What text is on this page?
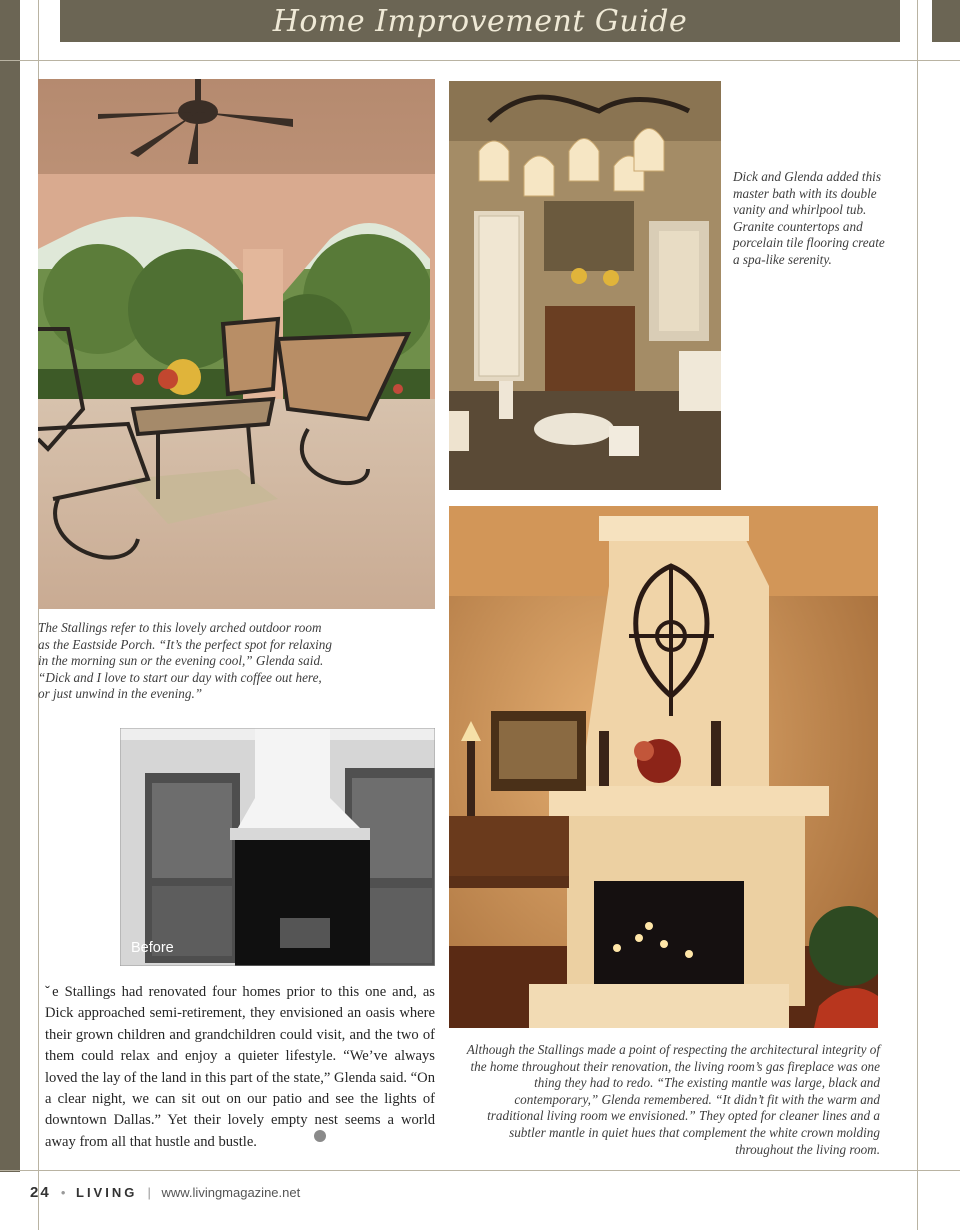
Home Improvement Guide
Dick and Glenda added this master bath with its double vanity and whirlpool tub. Granite countertops and porcelain tile flooring create a spa-like serenity.
The Stallings refer to this lovely arched outdoor room as the Eastside Porch. “It’s the perfect spot for relaxing in the morning sun or the evening cool,” Glenda said. “Dick and I love to start our day with coffee out here, or just unwind in the evening.”
Before
ˇe Stallings had renovated four homes prior to this one and, as Dick approached semi-retirement, they envisioned an oasis where their grown children and grandchildren could visit, and the two of them could relax and enjoy a quieter lifestyle. “We’ve always loved the lay of the land in this part of the state,” Glenda said. “On a clear night, we can sit out on our patio and see the lights of downtown Dallas.” Yet their lovely empty nest seems a world away from all that hustle and bustle.
Although the Stallings made a point of respecting the architectural integrity of the home throughout their renovation, the living room’s gas fireplace was one thing they had to redo. “The existing mantle was large, black and contemporary,” Glenda remembered. “It didn’t fit with the warm and traditional living room we envisioned.” They opted for cleaner lines and a subtler mantle in quiet hues that complement the white crown molding throughout the living room.
24 • LIVING | www.livingmagazine.net
